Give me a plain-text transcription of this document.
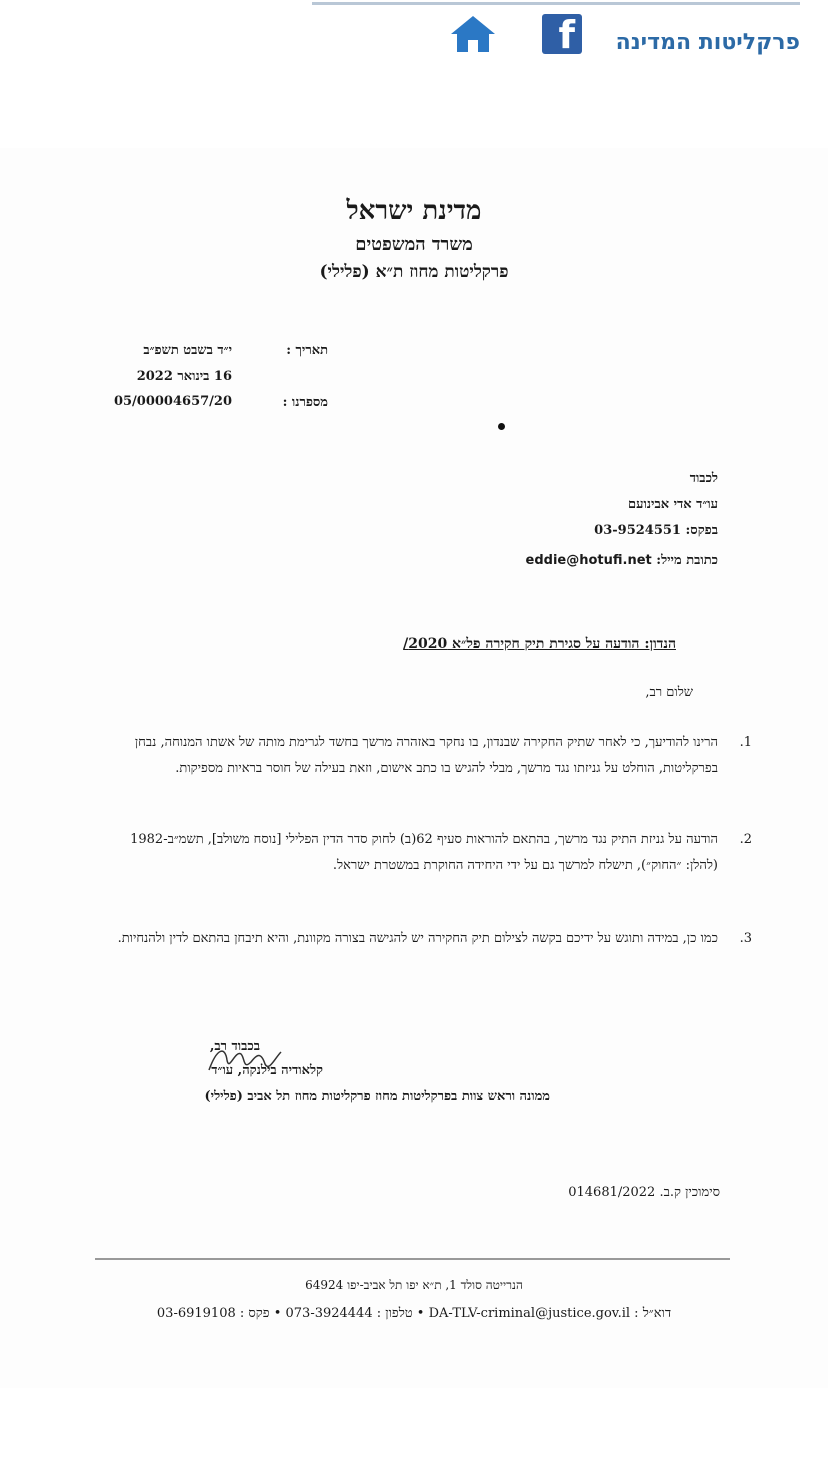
f פרקליטות המדינה
מדינת ישראל
משרד המשפטים
פרקליטות מחוז ת״א (פלילי)
תאריך :
י״ד בשבט תשפ״ב
16 בינואר 2022
מספרנו :
05/00004657/20
לכבוד
עו״ד אדי אבינועם
בפקס: 03-9524551
כתובת מייל: eddie@hotufi.net
הנדון: הודעה על סגירת תיק חקירה פל״א 2020/
שלום רב,
1.
הרינו להודיעך, כי לאחר שתיק החקירה שבנדון, בו נחקר באזהרה מרשך בחשד לגרימת מותה של אשתו המנוחה, נבחן בפרקליטות, הוחלט על גניזתו נגד מרשך, מבלי להגיש בו כתב אישום, וזאת בעילה של חוסר בראיות מספיקות.
2.
הודעה על גניזת התיק נגד מרשך, בהתאם להוראות סעיף 62(ב) לחוק סדר הדין הפלילי [נוסח משולב], תשמ״ב-1982 (להלן: ״החוק״), תישלח למרשך גם על ידי היחידה החוקרת במשטרת ישראל.
3.
כמו כן, במידה ותוגש על ידיכם בקשה לצילום תיק החקירה יש להגישה בצורה מקוונת, והיא תיבחן בהתאם לדין ולהנחיות.
בכבוד רב,
קלאודיה בילנקה, עו״ד
ממונה וראש צוות בפרקליטות מחוז פרקליטות מחוז תל אביב (פלילי)
סימוכין ק.ב. 014681/2022
הנרייטה סולד 1, ת״א יפו תל אביב-יפו 64924
דוא״ל : DA-TLV-criminal@justice.gov.il • טלפון : 073-3924444 • פקס : 03-6919108
